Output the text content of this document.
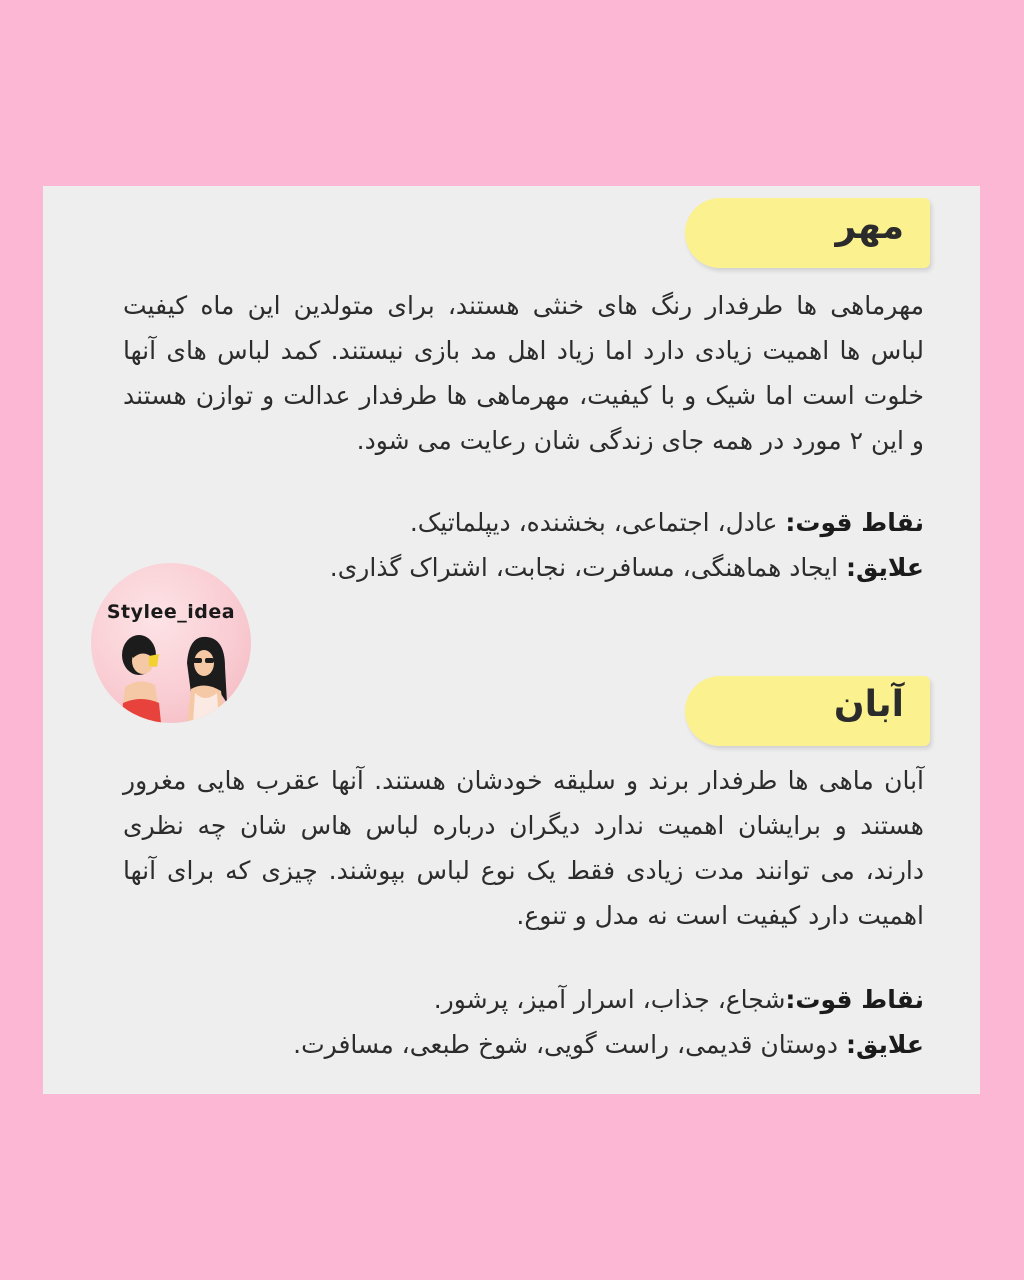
مهر
مهرماهی ها طرفدار رنگ های خنثی هستند، برای متولدین این ماه کیفیت لباس ها اهمیت زیادی دارد اما زیاد اهل مد بازی نیستند. کمد لباس های آنها خلوت است اما شیک و با کیفیت، مهرماهی ها طرفدار عدالت و توازن هستند و این ۲ مورد در همه جای زندگی شان رعایت می شود.
نقاط قوت: عادل، اجتماعی، بخشنده، دیپلماتیک.
علایق: ایجاد هماهنگی، مسافرت، نجابت، اشتراک گذاری.
آبان
آبان ماهی ها طرفدار برند و سلیقه خودشان هستند. آنها عقرب هایی مغرور هستند و برایشان اهمیت ندارد دیگران درباره لباس هاس شان چه نظری دارند، می توانند مدت زیادی فقط یک نوع لباس بپوشند. چیزی که برای آنها اهمیت دارد کیفیت است نه مدل و تنوع.
نقاط قوت:شجاع، جذاب، اسرار آمیز، پرشور.
علایق: دوستان قدیمی، راست گویی، شوخ طبعی، مسافرت.
Stylee_idea
